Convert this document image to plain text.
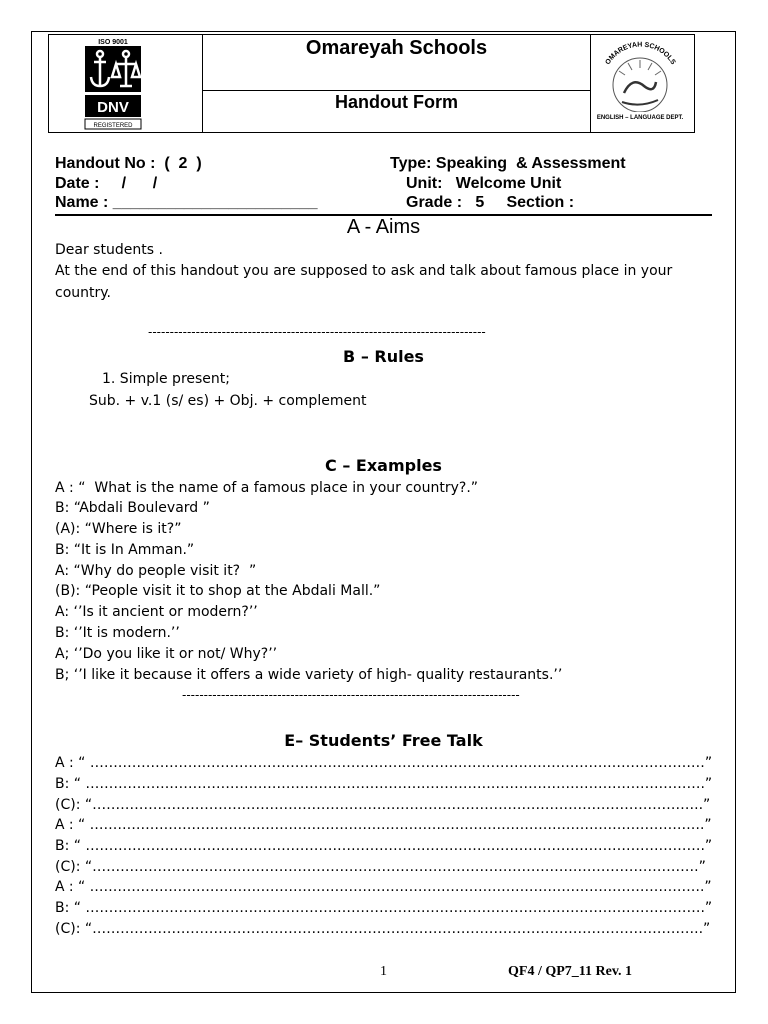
ISO 9001
DNV
REGISTERED
Omareyah Schools
Handout Form
OMAREYAH SCHOOLS
ENGLISH – LANGUAGE DEPT.
Handout No :  (  2  )	Type: Speaking  & Assessment
Date :     /      /	Unit:   Welcome Unit
Name : _______________________	Grade :   5     Section :
A - Aims
Dear students .
At the end of this handout you are supposed to ask and talk about famous place in your
country.
------------------------------------------------------------------------------
B – Rules
1. Simple present;
Sub. + v.1 (s/ es) + Obj. + complement
C – Examples
A : “  What is the name of a famous place in your country?.”
B: “Abdali Boulevard ”
(A): “Where is it?”
B: “It is In Amman.”
A: “Why do people visit it?  ”
(B): “People visit it to shop at the Abdali Mall.”
A: ‘’Is it ancient or modern?’’
B: ‘’It is modern.’’
A; ‘’Do you like it or not/ Why?’’
B; ‘’I like it because it offers a wide variety of high- quality restaurants.’’
------------------------------------------------------------------------------
E– Students’ Free Talk
A : “ ……………………………………………………………………………………………………………………”
B: “ …………………………………………………………………………………………………………………….”
(C): “…………………………………………………………………………………………………………………..”
A : “ …………………………………………………………………………………………………………………….”
B: “ …………………………………………………………………………………………………………………….”
(C): “………………………………………………………………………………………………………………….”
A : “ …………………………………………………………………………………………………………………….”
B: “ …………………………………………………………………………………………………………………….”
(C): “…………………………………………………………………………………………………………………..”
1	QF4 / QP7_11 Rev. 1
